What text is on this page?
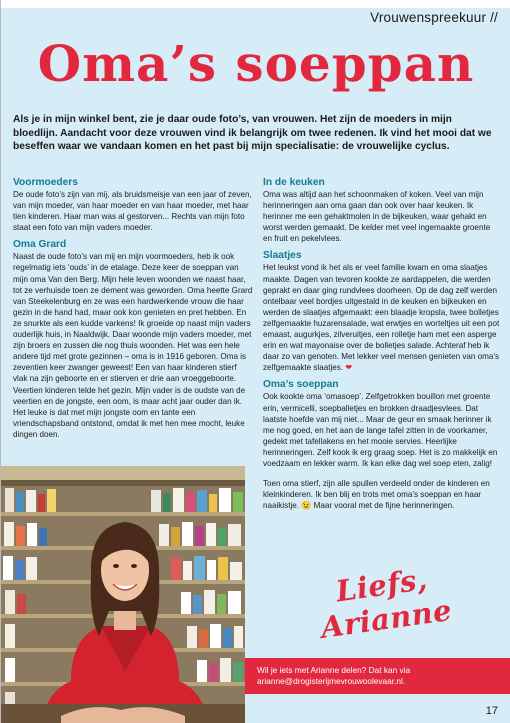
Vrouwenspreekuur //
Oma’s soeppan

Als je in mijn winkel bent, zie je daar oude foto’s, van vrouwen. Het zijn de moeders in mijn bloedlijn. Aandacht voor deze vrouwen vind ik belangrijk om twee redenen. Ik vind het mooi dat we beseffen waar we vandaan komen en het past bij mijn specialisatie: de vrouwelijke cyclus.

Voormoeders

De oude foto’s zijn van mij, als bruidsmeisje van een jaar of zeven, van mijn moeder, van haar moeder en van haar moeder, met haar tien kinderen. Haar man was al gestorven... Rechts van mijn foto staat een foto van mijn vaders moeder.

Oma Grard

Naast de oude foto’s van mij en mijn voormoeders, heb ik ook regelmatig iets ‘ouds’ in de etalage. Deze keer de soeppan van mijn oma Van den Berg. Mijn hele leven woonden we naast haar, tot ze verhuisde toen ze dement was geworden. Oma heette Grard van Steekelenburg en ze was een hardwerkende vrouw die haar gezin in de hand had, maar ook kon genieten en pret hebben. En ze snurkte als een kudde varkens! Ik groeide op naast mijn vaders ouderlijk huis, in Naaldwijk. Daar woonde mijn vaders moeder, met zijn broers en zussen die nog thuis woonden. Het was een hele andere tijd met grote gezinnen – oma is in 1916 geboren. Oma is zeventien keer zwanger geweest! Een van haar kinderen stierf vlak na zijn geboorte en er stierven er drie aan vroeggeboorte. Veertien kinderen telde het gezin. Mijn vader is de oudste van de veertien en de jongste, een oom, is maar acht jaar ouder dan ik. Het leuke is dat met mijn jongste oom en tante een vriendschapsband ontstond, omdat ik met hen mee mocht, leuke dingen doen.

In de keuken

Oma was altijd aan het schoonmaken of koken. Veel van mijn herinneringen aan oma gaan dan ook over haar keuken. Ik herinner me een gehaktmolen in de bijkeuken, waar gehakt en worst werden gemaakt. De kelder met veel ingemaakte groente en fruit en pekelvlees.

Slaatjes

Het leukst vond ik het als er veel familie kwam en oma slaatjes maakte. Dagen van tevoren kookte ze aardappelen, die werden geprakt en daar ging rundvlees doorheen. Op de dag zelf werden ontelbaar veel bordjes uitgestald in de keuken en bijkeuken en werden de slaatjes afgemaakt: een blaadje kropsla, twee bolletjes zelfgemaakte huzarensalade, wat erwtjes en worteltjes uit een pot emaast, augurkjes, zilveruitjes, een rolletje ham met een asperge erin en wat mayonaise over de bolletjes salade. Achteraf heb ik daar zo van genoten. Met lekker veel mensen genieten van oma’s zelfgemaakte slaatjes. ❤

Oma’s soeppan

Ook kookte oma ‘omasoep’. Zelfgetrokken bouillon met groente erin, vermicelli, soepballetjes en brokken draadjesvlees. Dat laatste hoefde van mij niet... Maar de geur en smaak herinner ik me nog goed, en het aan de lange tafel zitten in de voorkamer, gedekt met tafellakens en het mooie servies. Heerlijke herinneringen. Zelf kook ik erg graag soep. Het is zo makkelijk en voedzaam en lekker warm. Ik kan elke dag wel soep eten, zalig!

Toen oma stierf, zijn alle spullen verdeeld onder de kinderen en kleinkinderen. Ik ben blij en trots met oma’s soeppan en haar naaikistje. 😉 Maar vooral met de fijne herinneringen.

Liefs, Arianne
Wil je iets met Arianne delen? Dat kan via
arianne@drogisterijmevrouwoolevaar.nl.
17
